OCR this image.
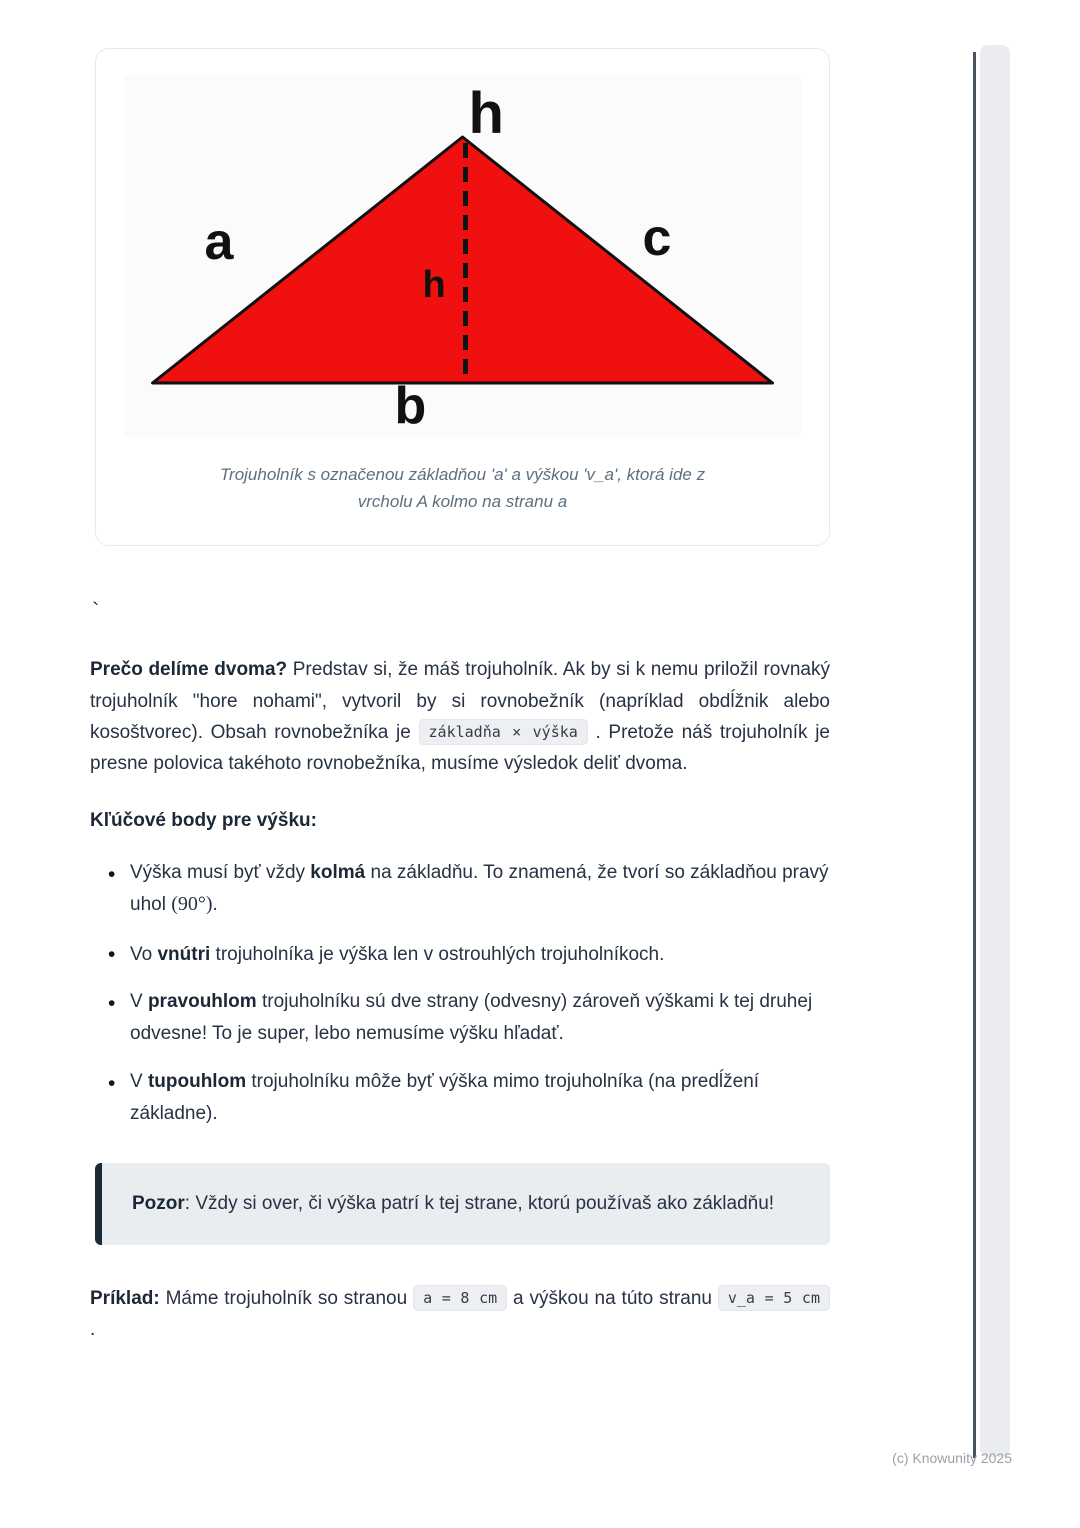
h
a	c
b
h
Trojuholník s označenou základňou 'a' a výškou 'v_a', ktorá ide z
vrcholu A kolmo na stranu a
`

Prečo delíme dvoma? Predstav si, že máš trojuholník. Ak by si k nemu priložil rovnaký trojuholník "hore nohami", vytvoril by si rovnobežník (napríklad obdĺžnik alebo kosoštvorec). Obsah rovnobežníka je základňa × výška . Pretože náš trojuholník je presne polovica takéhoto rovnobežníka, musíme výsledok deliť dvoma.

Kľúčové body pre výšku:

• Výška musí byť vždy kolmá na základňu. To znamená, že tvorí so základňou pravý uhol (90°).
• Vo vnútri trojuholníka je výška len v ostrouhlých trojuholníkoch.
• V pravouhlom trojuholníku sú dve strany (odvesny) zároveň výškami k tej druhej odvesne! To je super, lebo nemusíme výšku hľadať.
• V tupouhlom trojuholníku môže byť výška mimo trojuholníka (na predĺžení základne).
Pozor: Vždy si over, či výška patrí k tej strane, ktorú používaš ako základňu!

Príklad: Máme trojuholník so stranou a = 8 cm a výškou na túto stranu v_a = 5 cm .

(c) Knowunity 2025
